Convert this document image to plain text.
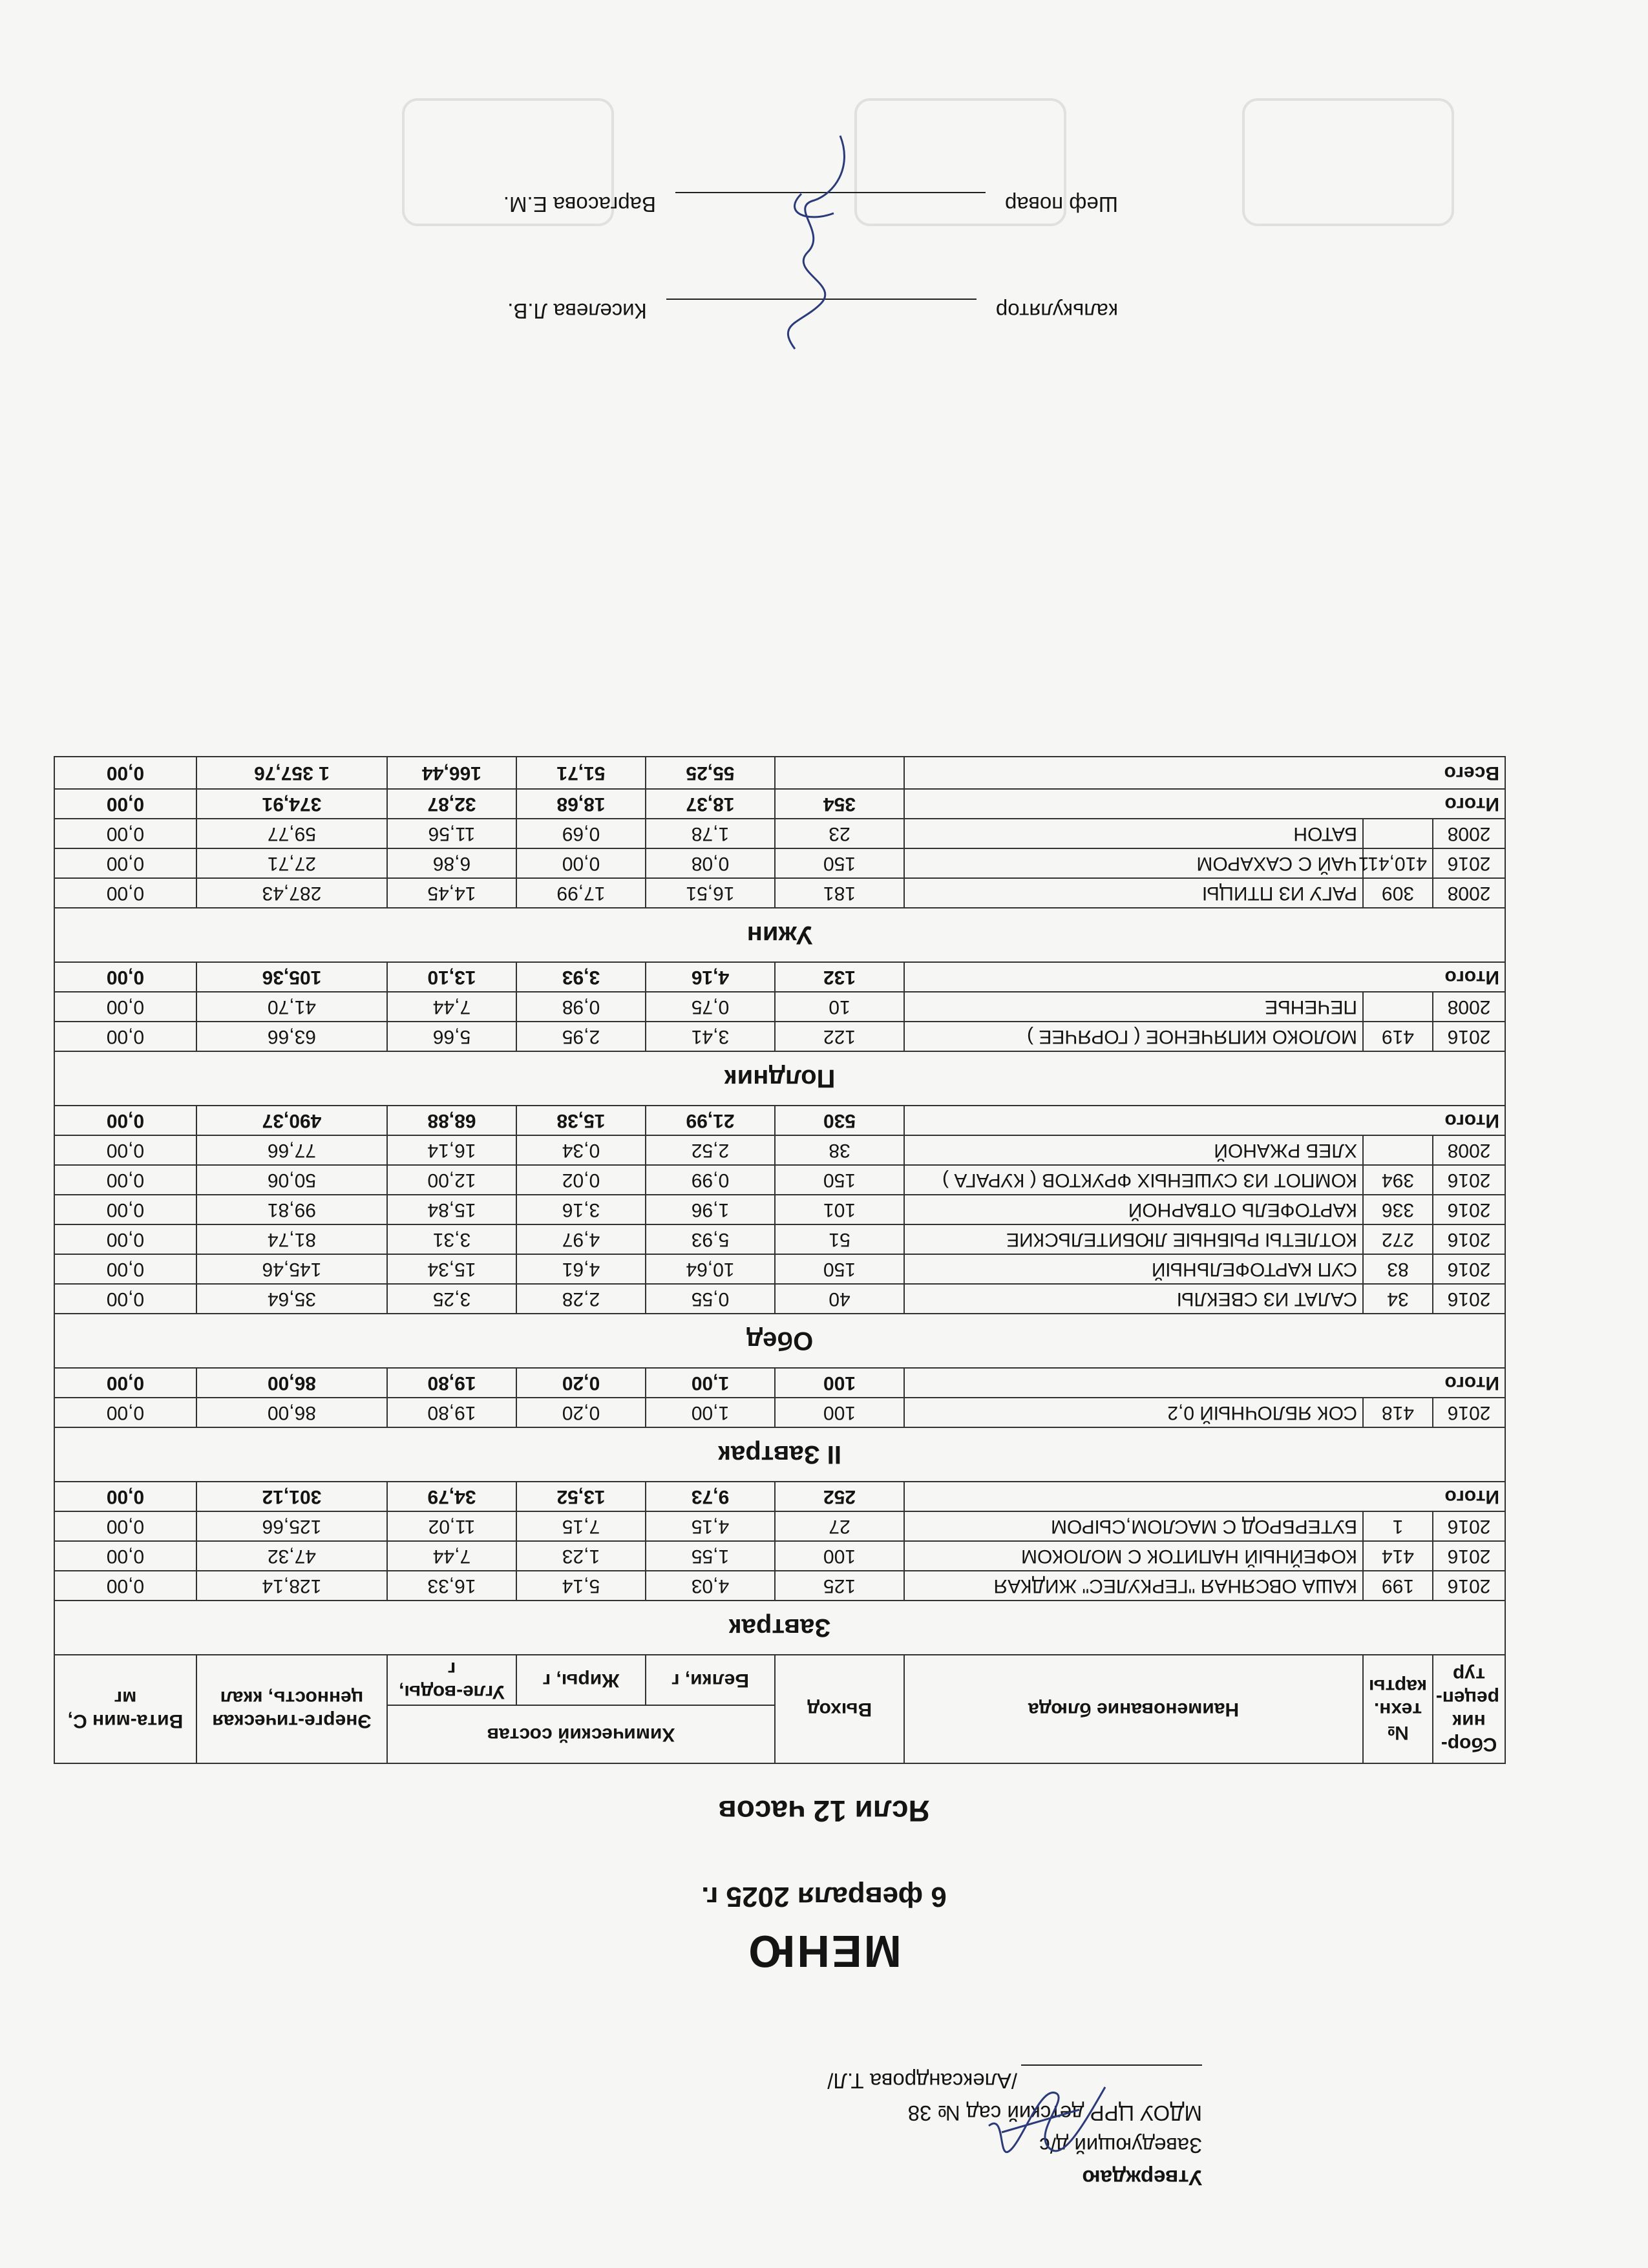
Утверждаю
Заведующий д/с
МДОУ ЦРР детский сад № 38
/Александрова Т.Л/
МЕНЮ
6 февраля 2025 г.
Ясли 12 часов
Сбор-ник рецеп-тур	№ техн. карты	Наименование блюда	Выход	Химический состав			Энерге-тическая ценность, ккал	Вита-мин С, мг
				Белки, г	Жиры, г	Угле-воды, г		
Завтрак								
2016	199	КАША ОВСЯНАЯ "ГЕРКУЛЕС" ЖИДКАЯ	125	4,03	5,14	16,33	128,14	0,00
2016	414	КОФЕЙНЫЙ НАПИТОК С МОЛОКОМ	100	1,55	1,23	7,44	47,32	0,00
2016	1	БУТЕРБРОД С МАСЛОМ,СЫРОМ	27	4,15	7,15	11,02	125,66	0,00
Итого			252	9,73	13,52	34,79	301,12	0,00
II Завтрак								
2016	418	СОК ЯБЛОЧНЫЙ 0,2	100	1,00	0,20	19,80	86,00	0,00
Итого			100	1,00	0,20	19,80	86,00	0,00
Обед								
2016	34	САЛАТ ИЗ СВЕКЛЫ	40	0,55	2,28	3,25	35,64	0,00
2016	83	СУП КАРТОФЕЛЬНЫЙ	150	10,64	4,61	15,34	145,46	0,00
2016	272	КОТЛЕТЫ РЫБНЫЕ ЛЮБИТЕЛЬСКИЕ	51	5,93	4,97	3,31	81,74	0,00
2016	336	КАРТОФЕЛЬ ОТВАРНОЙ	101	1,96	3,16	15,84	99,81	0,00
2016	394	КОМПОТ ИЗ СУШЕНЫХ ФРУКТОВ ( КУРАГА )	150	0,99	0,02	12,00	50,06	0,00
2008		ХЛЕБ РЖАНОЙ	38	2,52	0,34	16,14	77,66	0,00
Итого			530	21,99	15,38	68,88	490,37	0,00
Полдник								
2016	419	МОЛОКО КИПЯЧЕНОЕ ( ГОРЯЧЕЕ )	122	3,41	2,95	5,66	63,66	0,00
2008		ПЕЧЕНЬЕ	10	0,75	0,98	7,44	41,70	0,00
Итого			132	4,16	3,93	13,10	105,36	0,00
Ужин								
2008	309	РАГУ ИЗ ПТИЦЫ	181	16,51	17,99	14,45	287,43	0,00
2016	410,411	ЧАЙ С САХАРОМ	150	0,08	0,00	6,86	27,71	0,00
2008		БАТОН	23	1,78	0,69	11,56	59,77	0,00
Итого			354	18,37	18,68	32,87	374,91	0,00
Всего				55,25	51,71	166,44	1 357,76	0,00
калькуляторКиселева Л.В.
Шеф поварВаргасова Е.М.
